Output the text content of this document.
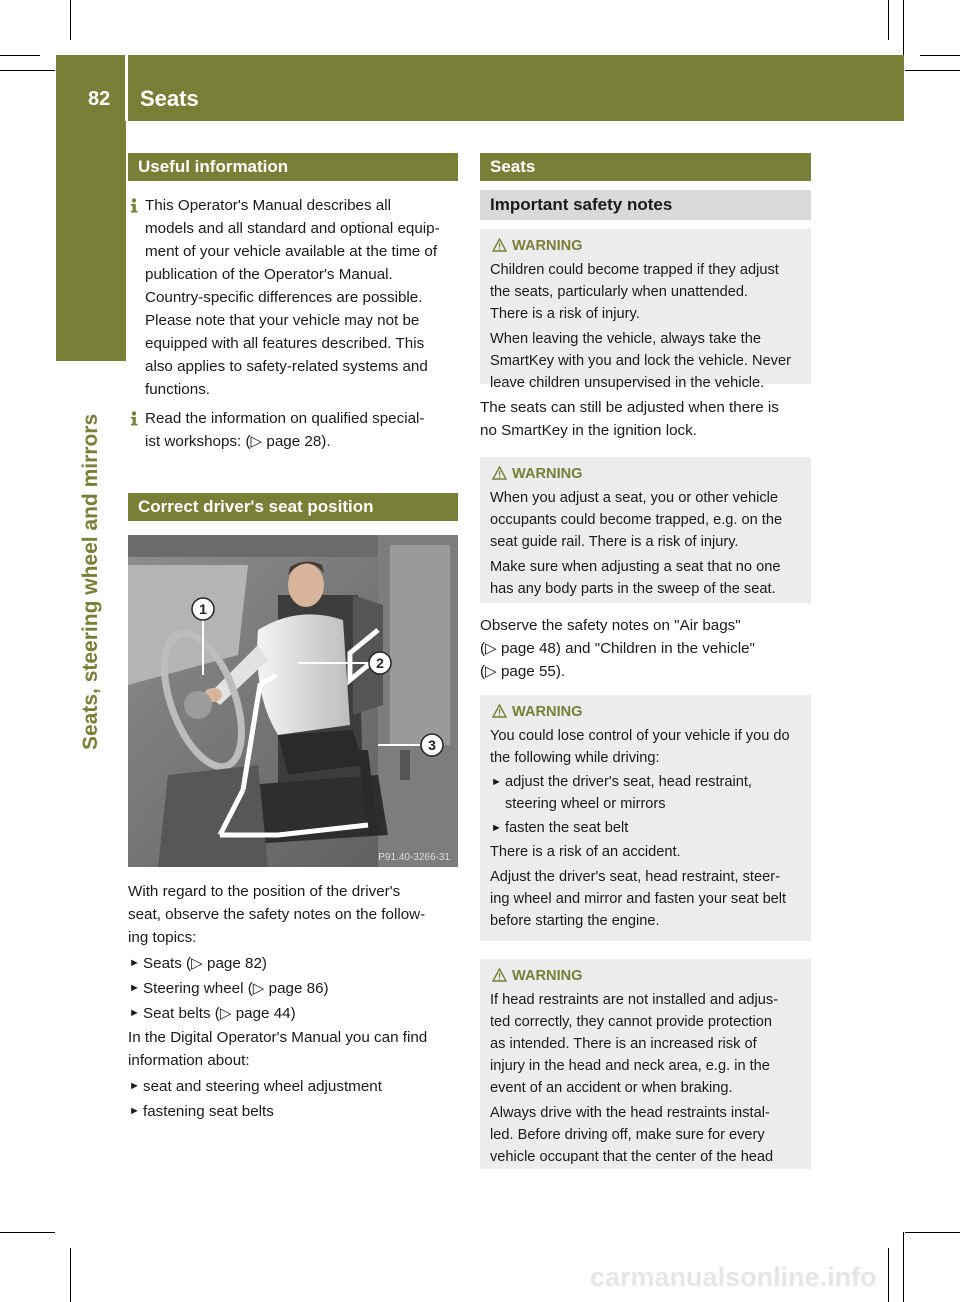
82 Seats
Seats, steering wheel and mirrors
Useful information

This Operator's Manual describes all
models and all standard and optional equip-
ment of your vehicle available at the time of
publication of the Operator's Manual.
Country-specific differences are possible.
Please note that your vehicle may not be
equipped with all features described. This
also applies to safety-related systems and
functions.

Read the information on qualified special-
ist workshops: (▷ page 28).

Correct driver's seat position
1
2
3
P91.40-3266-31

With regard to the position of the driver's
seat, observe the safety notes on the follow-
ing topics:

► Seats (▷ page 82)
► Steering wheel (▷ page 86)
► Seat belts (▷ page 44)

In the Digital Operator's Manual you can find
information about:

► seat and steering wheel adjustment
► fastening seat belts
Seats
Important safety notes
WARNING

Children could become trapped if they adjust
the seats, particularly when unattended.
There is a risk of injury.

When leaving the vehicle, always take the
SmartKey with you and lock the vehicle. Never
leave children unsupervised in the vehicle.

The seats can still be adjusted when there is
no SmartKey in the ignition lock.

WARNING

When you adjust a seat, you or other vehicle
occupants could become trapped, e.g. on the
seat guide rail. There is a risk of injury.

Make sure when adjusting a seat that no one
has any body parts in the sweep of the seat.

Observe the safety notes on "Air bags"
(▷ page 48) and "Children in the vehicle"
(▷ page 55).

WARNING

You could lose control of your vehicle if you do
the following while driving:

► adjust the driver's seat, head restraint,
steering wheel or mirrors
► fasten the seat belt

There is a risk of an accident.

Adjust the driver's seat, head restraint, steer-
ing wheel and mirror and fasten your seat belt
before starting the engine.

WARNING

If head restraints are not installed and adjus-
ted correctly, they cannot provide protection
as intended. There is an increased risk of
injury in the head and neck area, e.g. in the
event of an accident or when braking.

Always drive with the head restraints instal-
led. Before driving off, make sure for every
vehicle occupant that the center of the head

carmanualsonline.info
